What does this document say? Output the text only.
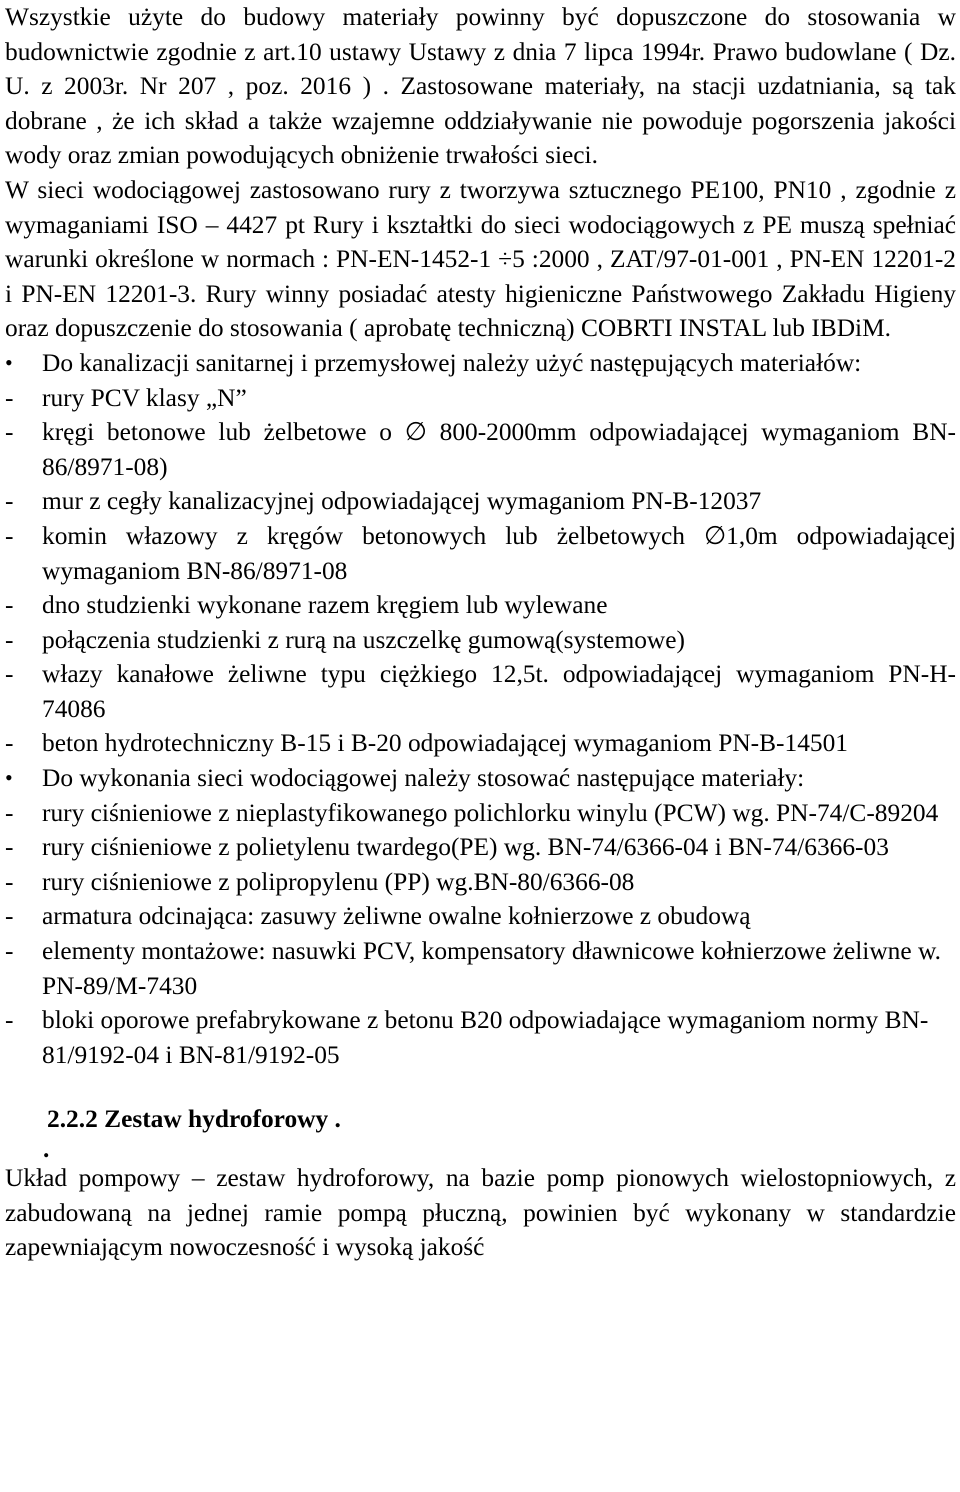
Wszystkie użyte do budowy materiały powinny być dopuszczone do stosowania w budownictwie zgodnie z art.10 ustawy Ustawy z dnia 7 lipca 1994r. Prawo budowlane ( Dz. U. z 2003r. Nr 207 , poz. 2016 ) . Zastosowane materiały, na stacji uzdatniania, są tak dobrane , że ich skład a także wzajemne oddziaływanie nie powoduje pogorszenia jakości wody oraz zmian powodujących obniżenie trwałości sieci.

W sieci wodociągowej zastosowano rury z tworzywa sztucznego PE100, PN10 , zgodnie z wymaganiami ISO – 4427 pt Rury i kształtki do sieci wodociągowych z PE muszą spełniać warunki określone w normach : PN-EN-1452-1 ÷5 :2000 , ZAT/97-01-001 , PN-EN 12201-2 i PN-EN 12201-3. Rury winny posiadać atesty higieniczne Państwowego Zakładu Higieny oraz dopuszczenie do stosowania ( aprobatę techniczną) COBRTI INSTAL lub IBDiM.

•	Do kanalizacji sanitarnej i przemysłowej należy użyć następujących materiałów:
-	rury PCV klasy „N”
-	kręgi betonowe lub żelbetowe o ∅ 800-2000mm odpowiadającej wymaganiom BN-86/8971-08)
-	mur z cegły kanalizacyjnej odpowiadającej wymaganiom PN-B-12037
-	komin włazowy z kręgów betonowych lub żelbetowych ∅1,0m odpowiadającej wymaganiom BN-86/8971-08
-	dno studzienki wykonane razem kręgiem lub wylewane
-	połączenia studzienki z rurą na uszczelkę gumową(systemowe)
-	włazy kanałowe żeliwne typu ciężkiego 12,5t. odpowiadającej wymaganiom PN-H-74086
-	beton hydrotechniczny B-15 i B-20 odpowiadającej wymaganiom PN-B-14501
•	Do wykonania sieci wodociągowej należy stosować następujące materiały:
-	rury ciśnieniowe z nieplastyfikowanego polichlorku winylu (PCW) wg. PN-74/C-89204
-	rury ciśnieniowe z polietylenu twardego(PE) wg. BN-74/6366-04 i BN-74/6366-03
-	rury ciśnieniowe z polipropylenu (PP) wg.BN-80/6366-08
-	armatura odcinająca: zasuwy żeliwne owalne kołnierzowe z obudową
-	elementy montażowe: nasuwki PCV, kompensatory dławnicowe kołnierzowe żeliwne w. PN-89/M-7430
-	bloki oporowe prefabrykowane z betonu B20 odpowiadające wymaganiom normy BN-81/9192-04 i BN-81/9192-05

2.2.2 Zestaw hydroforowy .

.

Układ pompowy – zestaw hydroforowy, na bazie pomp pionowych wielostopniowych, z zabudowaną na jednej ramie pompą płuczną, powinien być wykonany w standardzie zapewniającym nowoczesność i wysoką jakość
